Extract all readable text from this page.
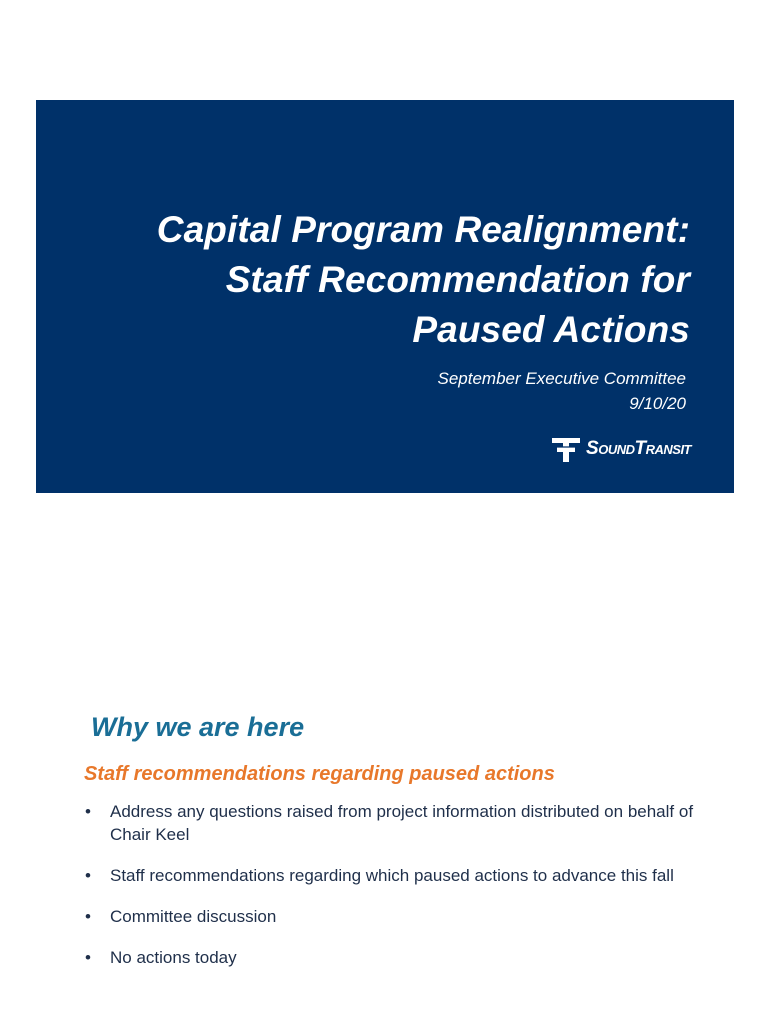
Capital Program Realignment:
Staff Recommendation for
Paused Actions
September Executive Committee
9/10/20
SoundTransit
Why we are here
Staff recommendations regarding paused actions
• Address any questions raised from project information distributed on behalf of Chair Keel
• Staff recommendations regarding which paused actions to advance this fall
• Committee discussion
• No actions today
